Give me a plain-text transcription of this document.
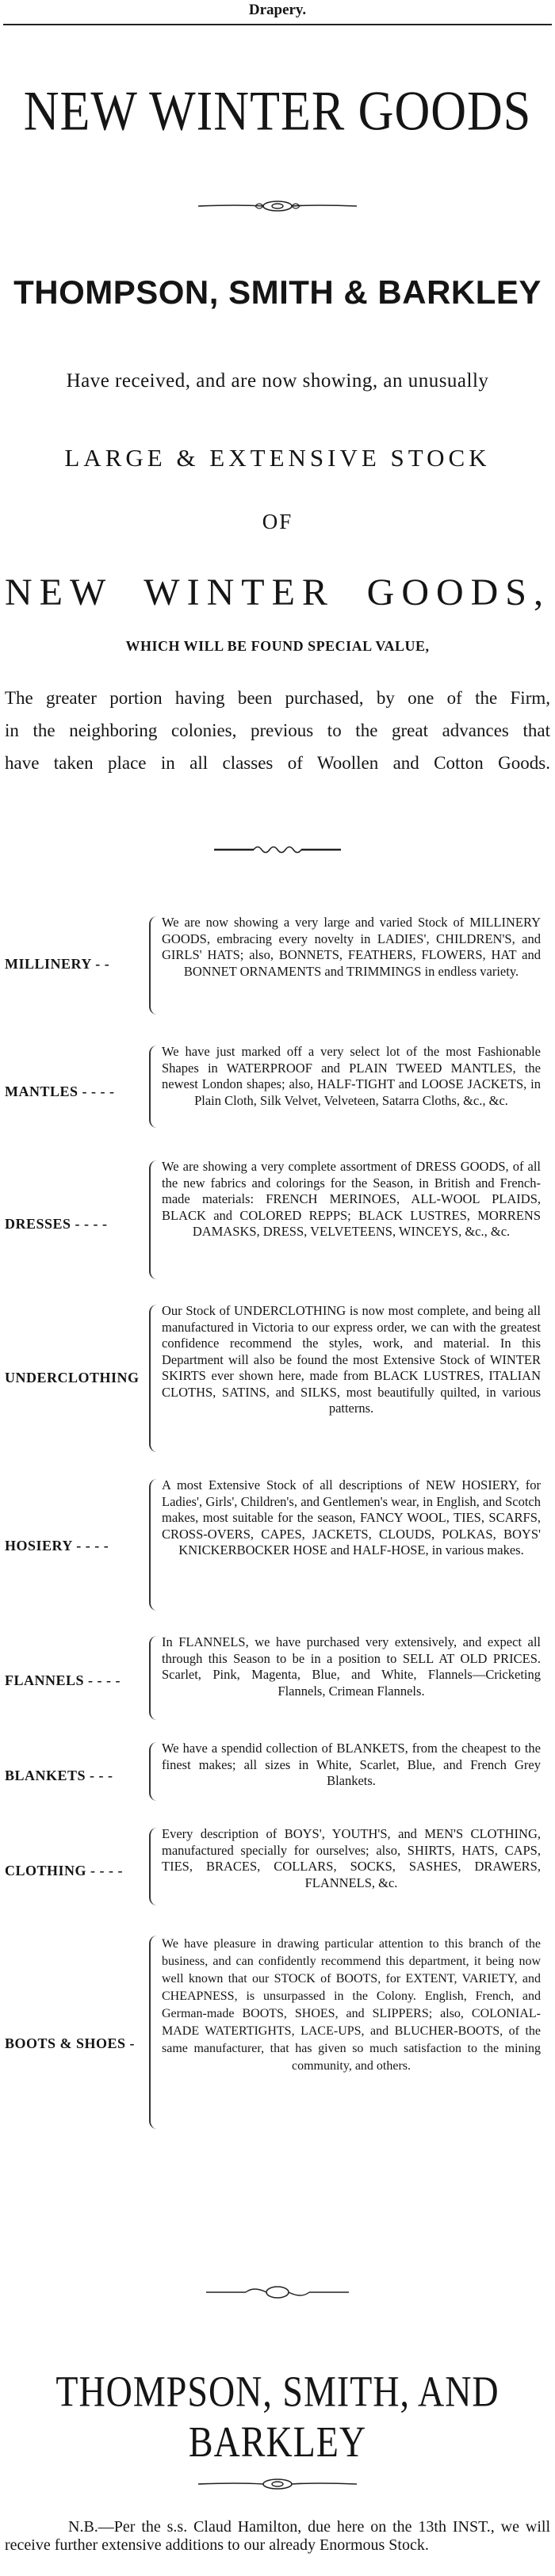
Drapery.
NEW WINTER GOODS
THOMPSON, SMITH & BARKLEY
Have received, and are now showing, an unusually
LARGE & EXTENSIVE STOCK
OF
NEW WINTER GOODS,
WHICH WILL BE FOUND SPECIAL VALUE,

The greater portion having been purchased, by one of the Firm,

in the neighboring colonies, previous to the great advances that

have taken place in all classes of Woollen and Cotton Goods.

MILLINERY - -
We are now showing a very large and varied Stock of MILLINERY GOODS, embracing every novelty in LADIES', CHILDREN'S, and GIRLS' HATS; also, BONNETS, FEATHERS, FLOWERS, HAT and BONNET ORNAMENTS and TRIMMINGS in endless variety.
MANTLES - - - -
We have just marked off a very select lot of the most Fashionable Shapes in WATERPROOF and PLAIN TWEED MANTLES, the newest London shapes; also, HALF-TIGHT and LOOSE JACKETS, in Plain Cloth, Silk Velvet, Velveteen, Satarra Cloths, &c., &c.
DRESSES - - - -
We are showing a very complete assortment of DRESS GOODS, of all the new fabrics and colorings for the Season, in British and French-made materials: FRENCH MERINOES, ALL-WOOL PLAIDS, BLACK and COLORED REPPS; BLACK LUSTRES, MORRENS DAMASKS, DRESS, VELVETEENS, WINCEYS, &c., &c.
UNDERCLOTHING
Our Stock of UNDERCLOTHING is now most complete, and being all manufactured in Victoria to our express order, we can with the greatest confidence recommend the styles, work, and material. In this Department will also be found the most Extensive Stock of WINTER SKIRTS ever shown here, made from BLACK LUSTRES, ITALIAN CLOTHS, SATINS, and SILKS, most beautifully quilted, in various patterns.
HOSIERY - - - -
A most Extensive Stock of all descriptions of NEW HOSIERY, for Ladies', Girls', Children's, and Gentlemen's wear, in English, and Scotch makes, most suitable for the season, FANCY WOOL, TIES, SCARFS, CROSS-OVERS, CAPES, JACKETS, CLOUDS, POLKAS, BOYS' KNICKERBOCKER HOSE and HALF-HOSE, in various makes.
FLANNELS - - - -
In FLANNELS, we have purchased very extensively, and expect all through this Season to be in a position to SELL AT OLD PRICES. Scarlet, Pink, Magenta, Blue, and White, Flannels—Cricketing Flannels, Crimean Flannels.
BLANKETS - - -
We have a spendid collection of BLANKETS, from the cheapest to the finest makes; all sizes in White, Scarlet, Blue, and French Grey Blankets.
CLOTHING - - - -
Every description of BOYS', YOUTH'S, and MEN'S CLOTHING, manufactured specially for ourselves; also, SHIRTS, HATS, CAPS, TIES, BRACES, COLLARS, SOCKS, SASHES, DRAWERS, FLANNELS, &c.
BOOTS & SHOES -
We have pleasure in drawing particular attention to this branch of the business, and can confidently recommend this department, it being now well known that our STOCK of BOOTS, for EXTENT, VARIETY, and CHEAPNESS, is unsurpassed in the Colony. English, French, and German-made BOOTS, SHOES, and SLIPPERS; also, COLONIAL-MADE WATERTIGHTS, LACE-UPS, and BLUCHER-BOOTS, of the same manufacturer, that has given so much satisfaction to the mining community, and others.
THOMPSON, SMITH, AND BARKLEY
N.B.—Per the s.s. Claud Hamilton, due here on the 13th INST., we will receive further extensive additions to our already Enormous Stock.
